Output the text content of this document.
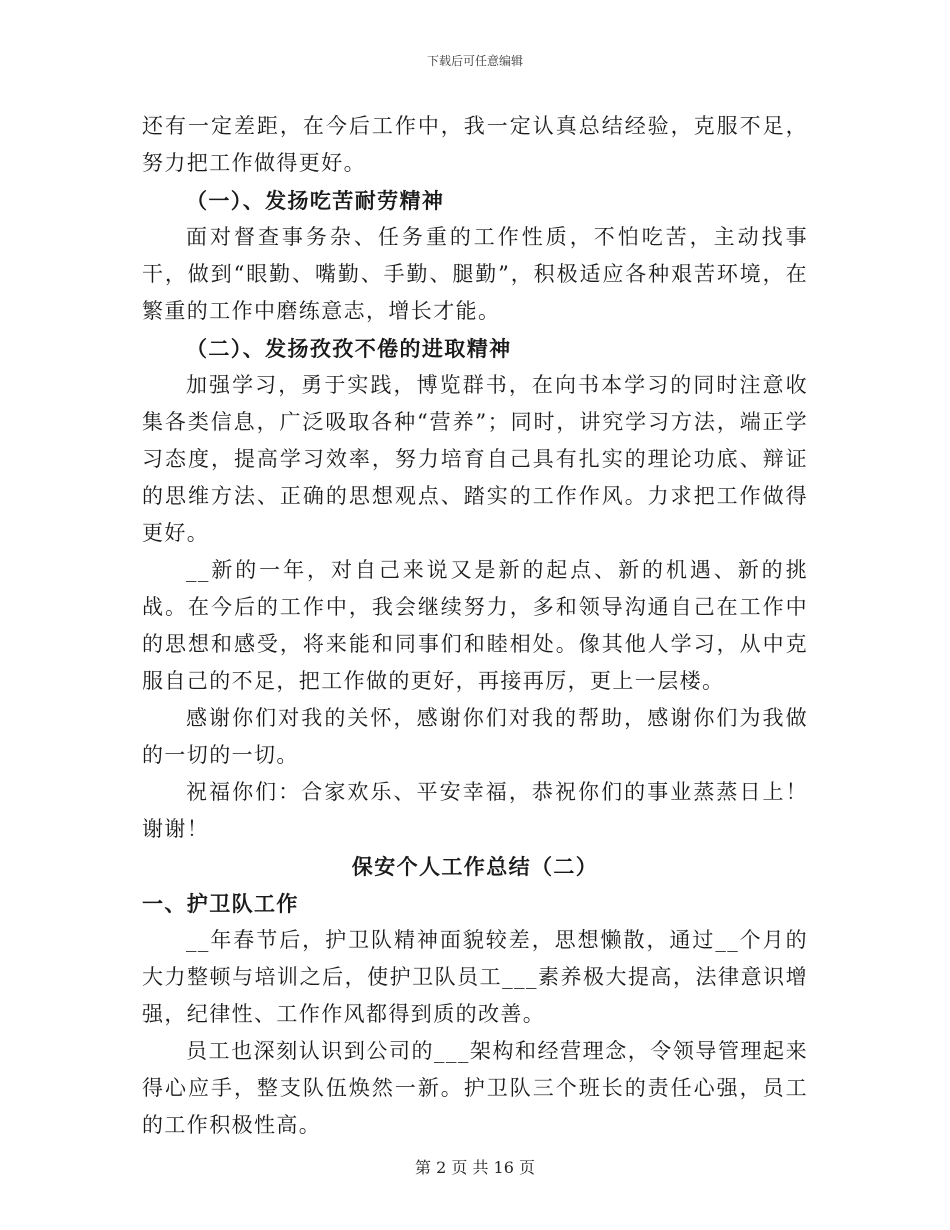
下载后可任意编辑

还有一定差距，在今后工作中，我一定认真总结经验，克服不足，努力把工作做得更好。

（一）、发扬吃苦耐劳精神

面对督查事务杂、任务重的工作性质，不怕吃苦，主动找事干，做到“眼勤、嘴勤、手勤、腿勤”，积极适应各种艰苦环境，在繁重的工作中磨练意志，增长才能。

（二）、发扬孜孜不倦的进取精神

加强学习，勇于实践，博览群书，在向书本学习的同时注意收集各类信息，广泛吸取各种“营养”；同时，讲究学习方法，端正学习态度，提高学习效率，努力培育自己具有扎实的理论功底、辩证的思维方法、正确的思想观点、踏实的工作作风。力求把工作做得更好。

__新的一年，对自己来说又是新的起点、新的机遇、新的挑战。在今后的工作中，我会继续努力，多和领导沟通自己在工作中的思想和感受，将来能和同事们和睦相处。像其他人学习，从中克服自己的不足，把工作做的更好，再接再厉，更上一层楼。

感谢你们对我的关怀，感谢你们对我的帮助，感谢你们为我做的一切的一切。

祝福你们：合家欢乐、平安幸福，恭祝你们的事业蒸蒸日上！谢谢！

保安个人工作总结（二）
一、护卫队工作

__年春节后，护卫队精神面貌较差，思想懒散，通过__个月的大力整顿与培训之后，使护卫队员工___素养极大提高，法律意识增强，纪律性、工作作风都得到质的改善。

员工也深刻认识到公司的___架构和经营理念，令领导管理起来得心应手，整支队伍焕然一新。护卫队三个班长的责任心强，员工的工作积极性高。

第 2 页 共 16 页
